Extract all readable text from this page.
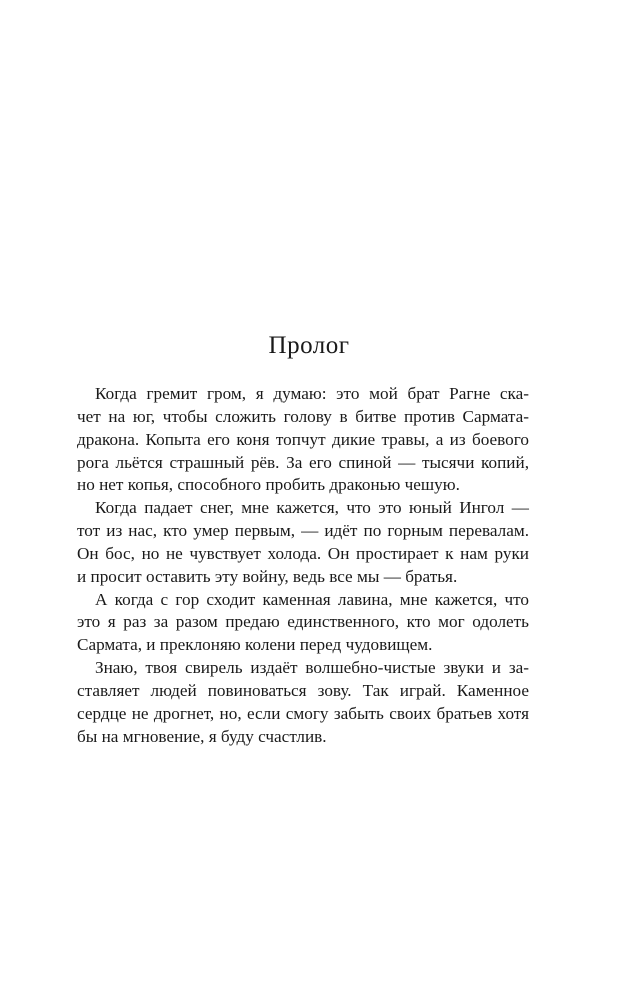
Пролог
Когда гремит гром, я думаю: это мой брат Рагне ска-
чет на юг, чтобы сложить голову в битве против Сармата-
дракона. Копыта его коня топчут дикие травы, а из боевого
рога льётся страшный рёв. За его спиной — тысячи копий,
но нет копья, способного пробить драконью чешую.
Когда падает снег, мне кажется, что это юный Ингол —
тот из нас, кто умер первым, — идёт по горным перевалам.
Он бос, но не чувствует холода. Он простирает к нам руки
и просит оставить эту войну, ведь все мы — братья.
А когда с гор сходит каменная лавина, мне кажется, что
это я раз за разом предаю единственного, кто мог одолеть
Сармата, и преклоняю колени перед чудовищем.
Знаю, твоя свирель издаёт волшебно-чистые звуки и за-
ставляет людей повиноваться зову. Так играй. Каменное
сердце не дрогнет, но, если смогу забыть своих братьев хотя
бы на мгновение, я буду счастлив.
